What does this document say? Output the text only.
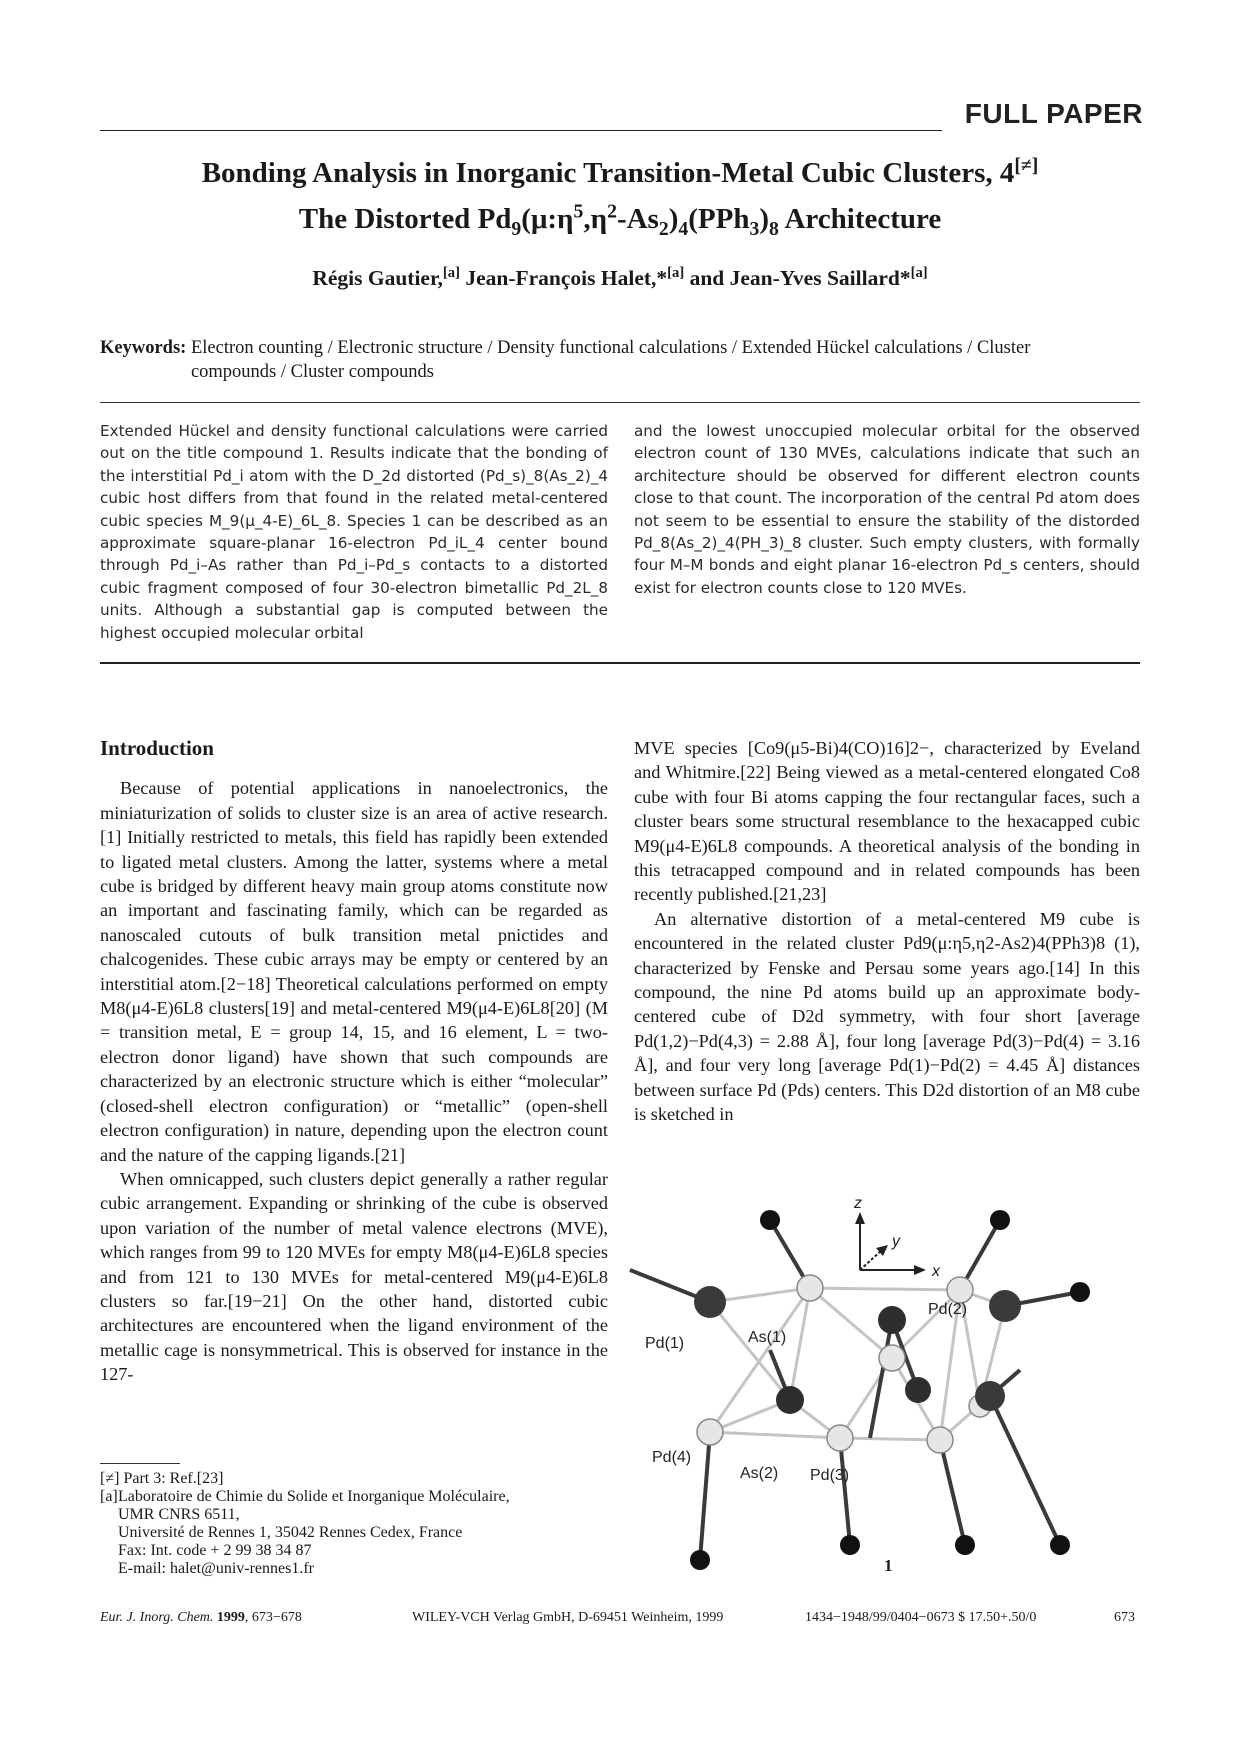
FULL PAPER
Bonding Analysis in Inorganic Transition-Metal Cubic Clusters, 4[≠]
The Distorted $Pd_9(\mu:\eta^5,\eta^2-As_2)_4(PPh_3)_8$ Architecture
Régis Gautier,[a] Jean-François Halet,*[a] and Jean-Yves Saillard*[a]
Keywords: Electron counting / Electronic structure / Density functional calculations / Extended Hückel calculations / Cluster compounds / Cluster compounds
Extended Hückel and density functional calculations were carried out on the title compound 1. Results indicate that the bonding of the interstitial Pd_i atom with the D_2d distorted (Pd_s)_8(As_2)_4 cubic host differs from that found in the related metal-centered cubic species M_9(μ_4-E)_6L_8. Species 1 can be described as an approximate square-planar 16-electron Pd_iL_4 center bound through Pd_i–As rather than Pd_i–Pd_s contacts to a distorted cubic fragment composed of four 30-electron bimetallic Pd_2L_8 units. Although a substantial gap is computed between the highest occupied molecular orbital
and the lowest unoccupied molecular orbital for the observed electron count of 130 MVEs, calculations indicate that such an architecture should be observed for different electron counts close to that count. The incorporation of the central Pd atom does not seem to be essential to ensure the stability of the distorded Pd_8(As_2)_4(PH_3)_8 cluster. Such empty clusters, with formally four M–M bonds and eight planar 16-electron Pd_s centers, should exist for electron counts close to 120 MVEs.
Introduction

Because of potential applications in nanoelectronics, the miniaturization of solids to cluster size is an area of active research.[1] Initially restricted to metals, this field has rapidly been extended to ligated metal clusters. Among the latter, systems where a metal cube is bridged by different heavy main group atoms constitute now an important and fascinating family, which can be regarded as nanoscaled cutouts of bulk transition metal pnictides and chalcogenides. These cubic arrays may be empty or centered by an interstitial atom.[2−18] Theoretical calculations performed on empty M8(μ4-E)6L8 clusters[19] and metal-centered M9(μ4-E)6L8[20] (M = transition metal, E = group 14, 15, and 16 element, L = two-electron donor ligand) have shown that such compounds are characterized by an electronic structure which is either “molecular” (closed-shell electron configuration) or “metallic” (open-shell electron configuration) in nature, depending upon the electron count and the nature of the capping ligands.[21]

When omnicapped, such clusters depict generally a rather regular cubic arrangement. Expanding or shrinking of the cube is observed upon variation of the number of metal valence electrons (MVE), which ranges from 99 to 120 MVEs for empty M8(μ4-E)6L8 species and from 121 to 130 MVEs for metal-centered M9(μ4-E)6L8 clusters so far.[19−21] On the other hand, distorted cubic architectures are encountered when the ligand environment of the metallic cage is nonsymmetrical. This is observed for instance in the 127-

MVE species [Co9(μ5-Bi)4(CO)16]2−, characterized by Eveland and Whitmire.[22] Being viewed as a metal-centered elongated Co8 cube with four Bi atoms capping the four rectangular faces, such a cluster bears some structural resemblance to the hexacapped cubic M9(μ4-E)6L8 compounds. A theoretical analysis of the bonding in this tetracapped compound and in related compounds has been recently published.[21,23]

An alternative distortion of a metal-centered M9 cube is encountered in the related cluster Pd9(μ:η5,η2-As2)4(PPh3)8 (1), characterized by Fenske and Persau some years ago.[14] In this compound, the nine Pd atoms build up an approximate body-centered cube of D2d symmetry, with four short [average Pd(1,2)−Pd(4,3) = 2.88 Å], four long [average Pd(3)−Pd(4) = 3.16 Å], and four very long [average Pd(1)−Pd(2) = 4.45 Å] distances between surface Pd (Pds) centers. This D2d distortion of an M8 cube is sketched in

z
y
x
Pd(1)	As(1)
Pd(2)
Pd(4)
As(2) Pd(3)
1
[≠] Part 3: Ref.[23]
[a] Laboratoire de Chimie du Solide et Inorganique Moléculaire,
UMR CNRS 6511,
Université de Rennes 1, 35042 Rennes Cedex, France
Fax: Int. code + 2 99 38 34 87
E-mail: halet@univ-rennes1.fr
Eur. J. Inorg. Chem. 1999, 673−678	WILEY-VCH Verlag GmbH, D-69451 Weinheim, 1999	1434−1948/99/0404−0673 $ 17.50+.50/0	673
